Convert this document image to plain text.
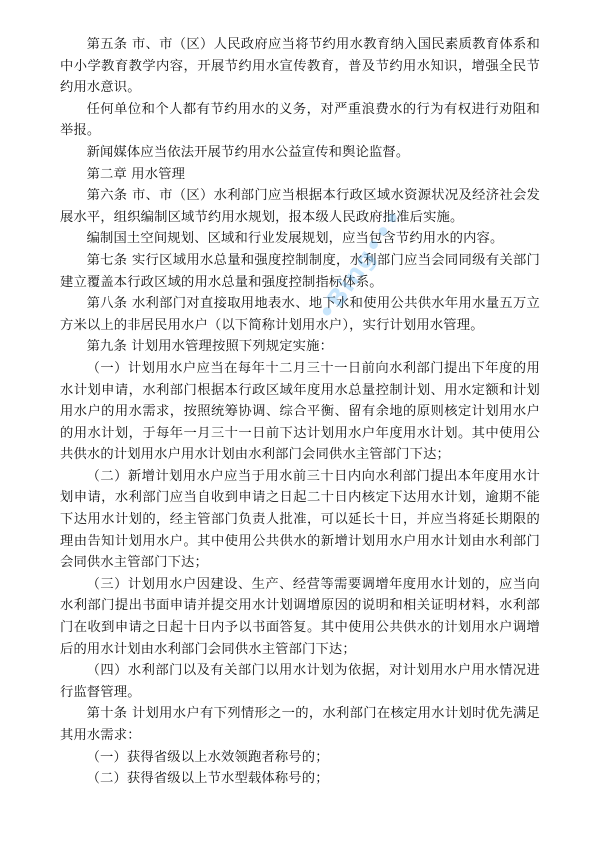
第五条 市、市（区）人民政府应当将节约用水教育纳入国民素质教育体系和中小学教育教学内容，开展节约用水宣传教育，普及节约用水知识，增强全民节约用水意识。

任何单位和个人都有节约用水的义务，对严重浪费水的行为有权进行劝阻和举报。

新闻媒体应当依法开展节约用水公益宣传和舆论监督。

第二章 用水管理

第六条 市、市（区）水利部门应当根据本行政区域水资源状况及经济社会发展水平，组织编制区域节约用水规划，报本级人民政府批准后实施。

编制国土空间规划、区域和行业发展规划，应当包含节约用水的内容。

第七条 实行区域用水总量和强度控制制度，水利部门应当会同同级有关部门建立覆盖本行政区域的用水总量和强度控制指标体系。

第八条 水利部门对直接取用地表水、地下水和使用公共供水年用水量五万立方米以上的非居民用水户（以下简称计划用水户），实行计划用水管理。

第九条 计划用水管理按照下列规定实施：

（一）计划用水户应当在每年十二月三十一日前向水利部门提出下年度的用水计划申请，水利部门根据本行政区域年度用水总量控制计划、用水定额和计划用水户的用水需求，按照统筹协调、综合平衡、留有余地的原则核定计划用水户的用水计划，于每年一月三十一日前下达计划用水户年度用水计划。其中使用公共供水的计划用水户用水计划由水利部门会同供水主管部门下达；

（二）新增计划用水户应当于用水前三十日内向水利部门提出本年度用水计划申请，水利部门应当自收到申请之日起二十日内核定下达用水计划，逾期不能下达用水计划的，经主管部门负责人批准，可以延长十日，并应当将延长期限的理由告知计划用水户。其中使用公共供水的新增计划用水户用水计划由水利部门会同供水主管部门下达；

（三）计划用水户因建设、生产、经营等需要调增年度用水计划的，应当向水利部门提出书面申请并提交用水计划调增原因的说明和相关证明材料，水利部门在收到申请之日起十日内予以书面答复。其中使用公共供水的计划用水户调增后的用水计划由水利部门会同供水主管部门下达；

（四）水利部门以及有关部门以用水计划为依据，对计划用水户用水情况进行监督管理。

第十条 计划用水户有下列情形之一的，水利部门在核定用水计划时优先满足其用水需求：

（一）获得省级以上水效领跑者称号的；

（二）获得省级以上节水型载体称号的；

•Bing•••
